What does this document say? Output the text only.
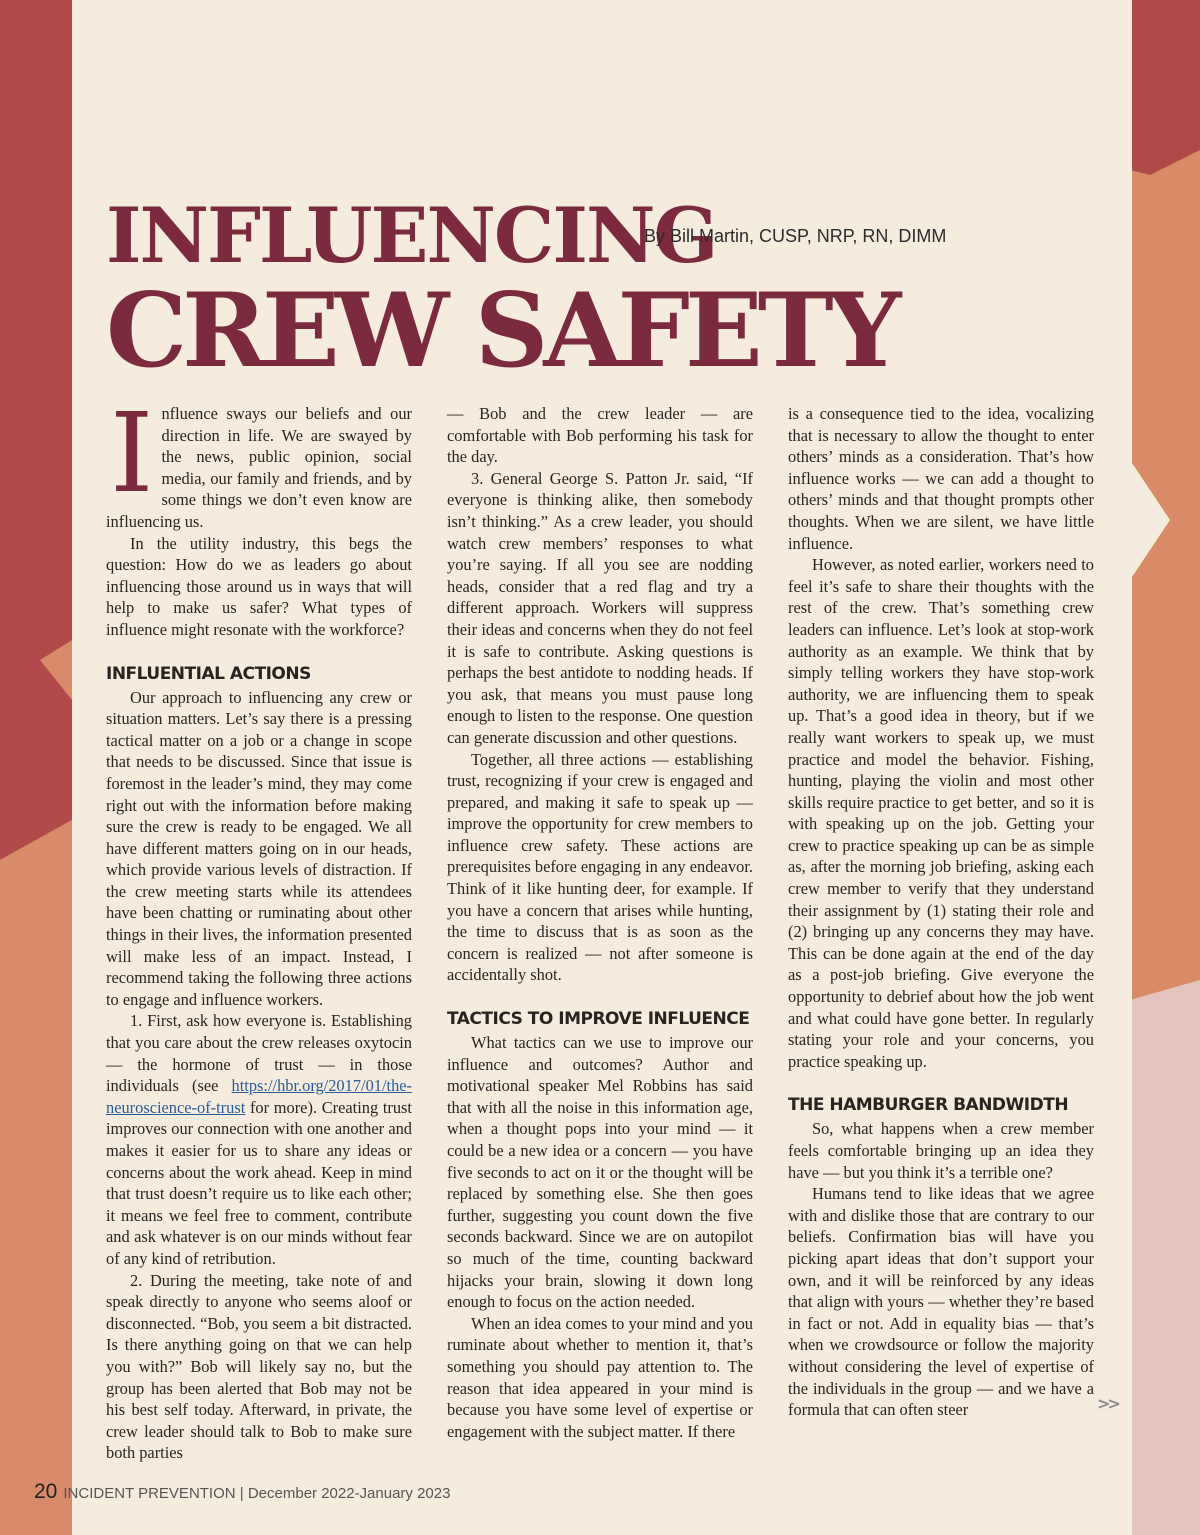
INFLUENCING
CREW SAFETY
By Bill Martin, CUSP, NRP, RN, DIMM

Influence sways our beliefs and our direction in life. We are swayed by the news, public opinion, social media, our family and friends, and by some things we don’t even know are influencing us.

In the utility industry, this begs the question: How do we as leaders go about influencing those around us in ways that will help to make us safer? What types of influence might resonate with the workforce?

INFLUENTIAL ACTIONS

Our approach to influencing any crew or situation matters. Let’s say there is a pressing tactical matter on a job or a change in scope that needs to be discussed. Since that issue is foremost in the leader’s mind, they may come right out with the information before making sure the crew is ready to be engaged. We all have different matters going on in our heads, which provide various levels of distraction. If the crew meeting starts while its attendees have been chatting or ruminating about other things in their lives, the information presented will make less of an impact. Instead, I recommend taking the following three actions to engage and influence workers.

1. First, ask how everyone is. Establishing that you care about the crew releases oxytocin — the hormone of trust — in those individuals (see https://hbr.org/2017/01/the-neuroscience-of-trust for more). Creating trust improves our connection with one another and makes it easier for us to share any ideas or concerns about the work ahead. Keep in mind that trust doesn’t require us to like each other; it means we feel free to comment, contribute and ask whatever is on our minds without fear of any kind of retribution.

2. During the meeting, take note of and speak directly to anyone who seems aloof or disconnected. “Bob, you seem a bit distracted. Is there anything going on that we can help you with?” Bob will likely say no, but the group has been alerted that Bob may not be his best self today. Afterward, in private, the crew leader should talk to Bob to make sure both parties

— Bob and the crew leader — are comfortable with Bob performing his task for the day.

3. General George S. Patton Jr. said, “If everyone is thinking alike, then somebody isn’t thinking.” As a crew leader, you should watch crew members’ responses to what you’re saying. If all you see are nodding heads, consider that a red flag and try a different approach. Workers will suppress their ideas and concerns when they do not feel it is safe to contribute. Asking questions is perhaps the best antidote to nodding heads. If you ask, that means you must pause long enough to listen to the response. One question can generate discussion and other questions.

Together, all three actions — establishing trust, recognizing if your crew is engaged and prepared, and making it safe to speak up — improve the opportunity for crew members to influence crew safety. These actions are prerequisites before engaging in any endeavor. Think of it like hunting deer, for example. If you have a concern that arises while hunting, the time to discuss that is as soon as the concern is realized — not after someone is accidentally shot.

TACTICS TO IMPROVE INFLUENCE

What tactics can we use to improve our influence and outcomes? Author and motivational speaker Mel Robbins has said that with all the noise in this information age, when a thought pops into your mind — it could be a new idea or a concern — you have five seconds to act on it or the thought will be replaced by something else. She then goes further, suggesting you count down the five seconds backward. Since we are on autopilot so much of the time, counting backward hijacks your brain, slowing it down long enough to focus on the action needed.

When an idea comes to your mind and you ruminate about whether to mention it, that’s something you should pay attention to. The reason that idea appeared in your mind is because you have some level of expertise or engagement with the subject matter. If there

is a consequence tied to the idea, vocalizing that is necessary to allow the thought to enter others’ minds as a consideration. That’s how influence works — we can add a thought to others’ minds and that thought prompts other thoughts. When we are silent, we have little influence.

However, as noted earlier, workers need to feel it’s safe to share their thoughts with the rest of the crew. That’s something crew leaders can influence. Let’s look at stop-work authority as an example. We think that by simply telling workers they have stop-work authority, we are influencing them to speak up. That’s a good idea in theory, but if we really want workers to speak up, we must practice and model the behavior. Fishing, hunting, playing the violin and most other skills require practice to get better, and so it is with speaking up on the job. Getting your crew to practice speaking up can be as simple as, after the morning job briefing, asking each crew member to verify that they understand their assignment by (1) stating their role and (2) bringing up any concerns they may have. This can be done again at the end of the day as a post-job briefing. Give everyone the opportunity to debrief about how the job went and what could have gone better. In regularly stating your role and your concerns, you practice speaking up.

THE HAMBURGER BANDWIDTH

So, what happens when a crew member feels comfortable bringing up an idea they have — but you think it’s a terrible one?

Humans tend to like ideas that we agree with and dislike those that are contrary to our beliefs. Confirmation bias will have you picking apart ideas that don’t support your own, and it will be reinforced by any ideas that align with yours — whether they’re based in fact or not. Add in equality bias — that’s when we crowdsource or follow the majority without considering the level of expertise of the individuals in the group — and we have a formula that can often steer	>>
20 INCIDENT PREVENTION | December 2022-January 2023
